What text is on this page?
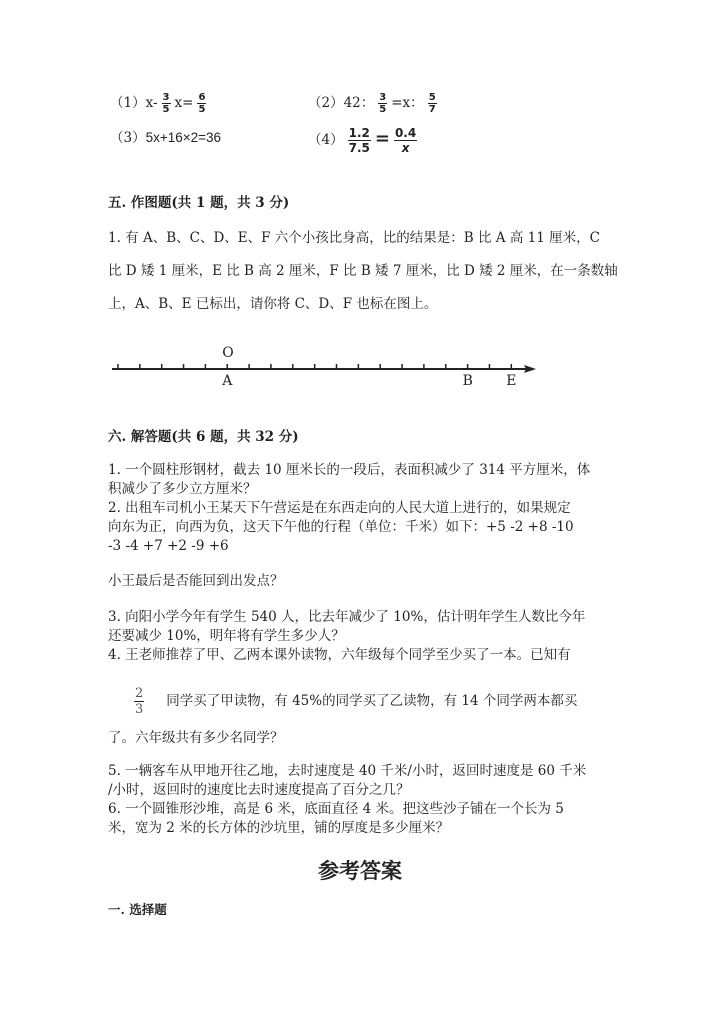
$(1)x- \frac{3}{5} x= \frac{6}{5}$	（2）42： $\frac{3}{5} =x$： $\frac{5}{7}$
（3）5x+16×2=36	$(4) \frac{1.2}{7.5} = \frac{0.4}{x}$
五. 作图题(共 1 题，共 3 分)
1. 有 A、B、C、D、E、F 六个小孩比身高，比的结果是：B 比 A 高 11 厘米，C
比 D 矮 1 厘米，E 比 B 高 2 厘米，F 比 B 矮 7 厘米，比 D 矮 2 厘米，在一条数轴
上，A、B、E 已标出，请你将 C、D、F 也标在图上。
O
A	B E
六. 解答题(共 6 题，共 32 分)
1. 一个圆柱形钢材，截去 10 厘米长的一段后，表面积减少了 314 平方厘米，体
积减少了多少立方厘米？
2. 出租车司机小王某天下午营运是在东西走向的人民大道上进行的，如果规定
向东为正，向西为负，这天下午他的行程（单位：千米）如下：+5 -2 +8 -10
-3 -4 +7 +2 -9 +6
小王最后是否能回到出发点？
3. 向阳小学今年有学生 540 人，比去年减少了 10%，估计明年学生人数比今年
还要减少 10%，明年将有学生多少人？
4. 王老师推荐了甲、乙两本课外读物，六年级每个同学至少买了一本。已知有
$\frac{2}{3}$ 同学买了甲读物，有 45%的同学买了乙读物，有 14 个同学两本都买
了。六年级共有多少名同学？
5. 一辆客车从甲地开往乙地，去时速度是 40 千米/小时，返回时速度是 60 千米
/小时，返回时的速度比去时速度提高了百分之几？
6. 一个圆锥形沙堆，高是 6 米，底面直径 4 米。把这些沙子铺在一个长为 5
米，宽为 2 米的长方体的沙坑里，铺的厚度是多少厘米？
参考答案
一. 选择题
